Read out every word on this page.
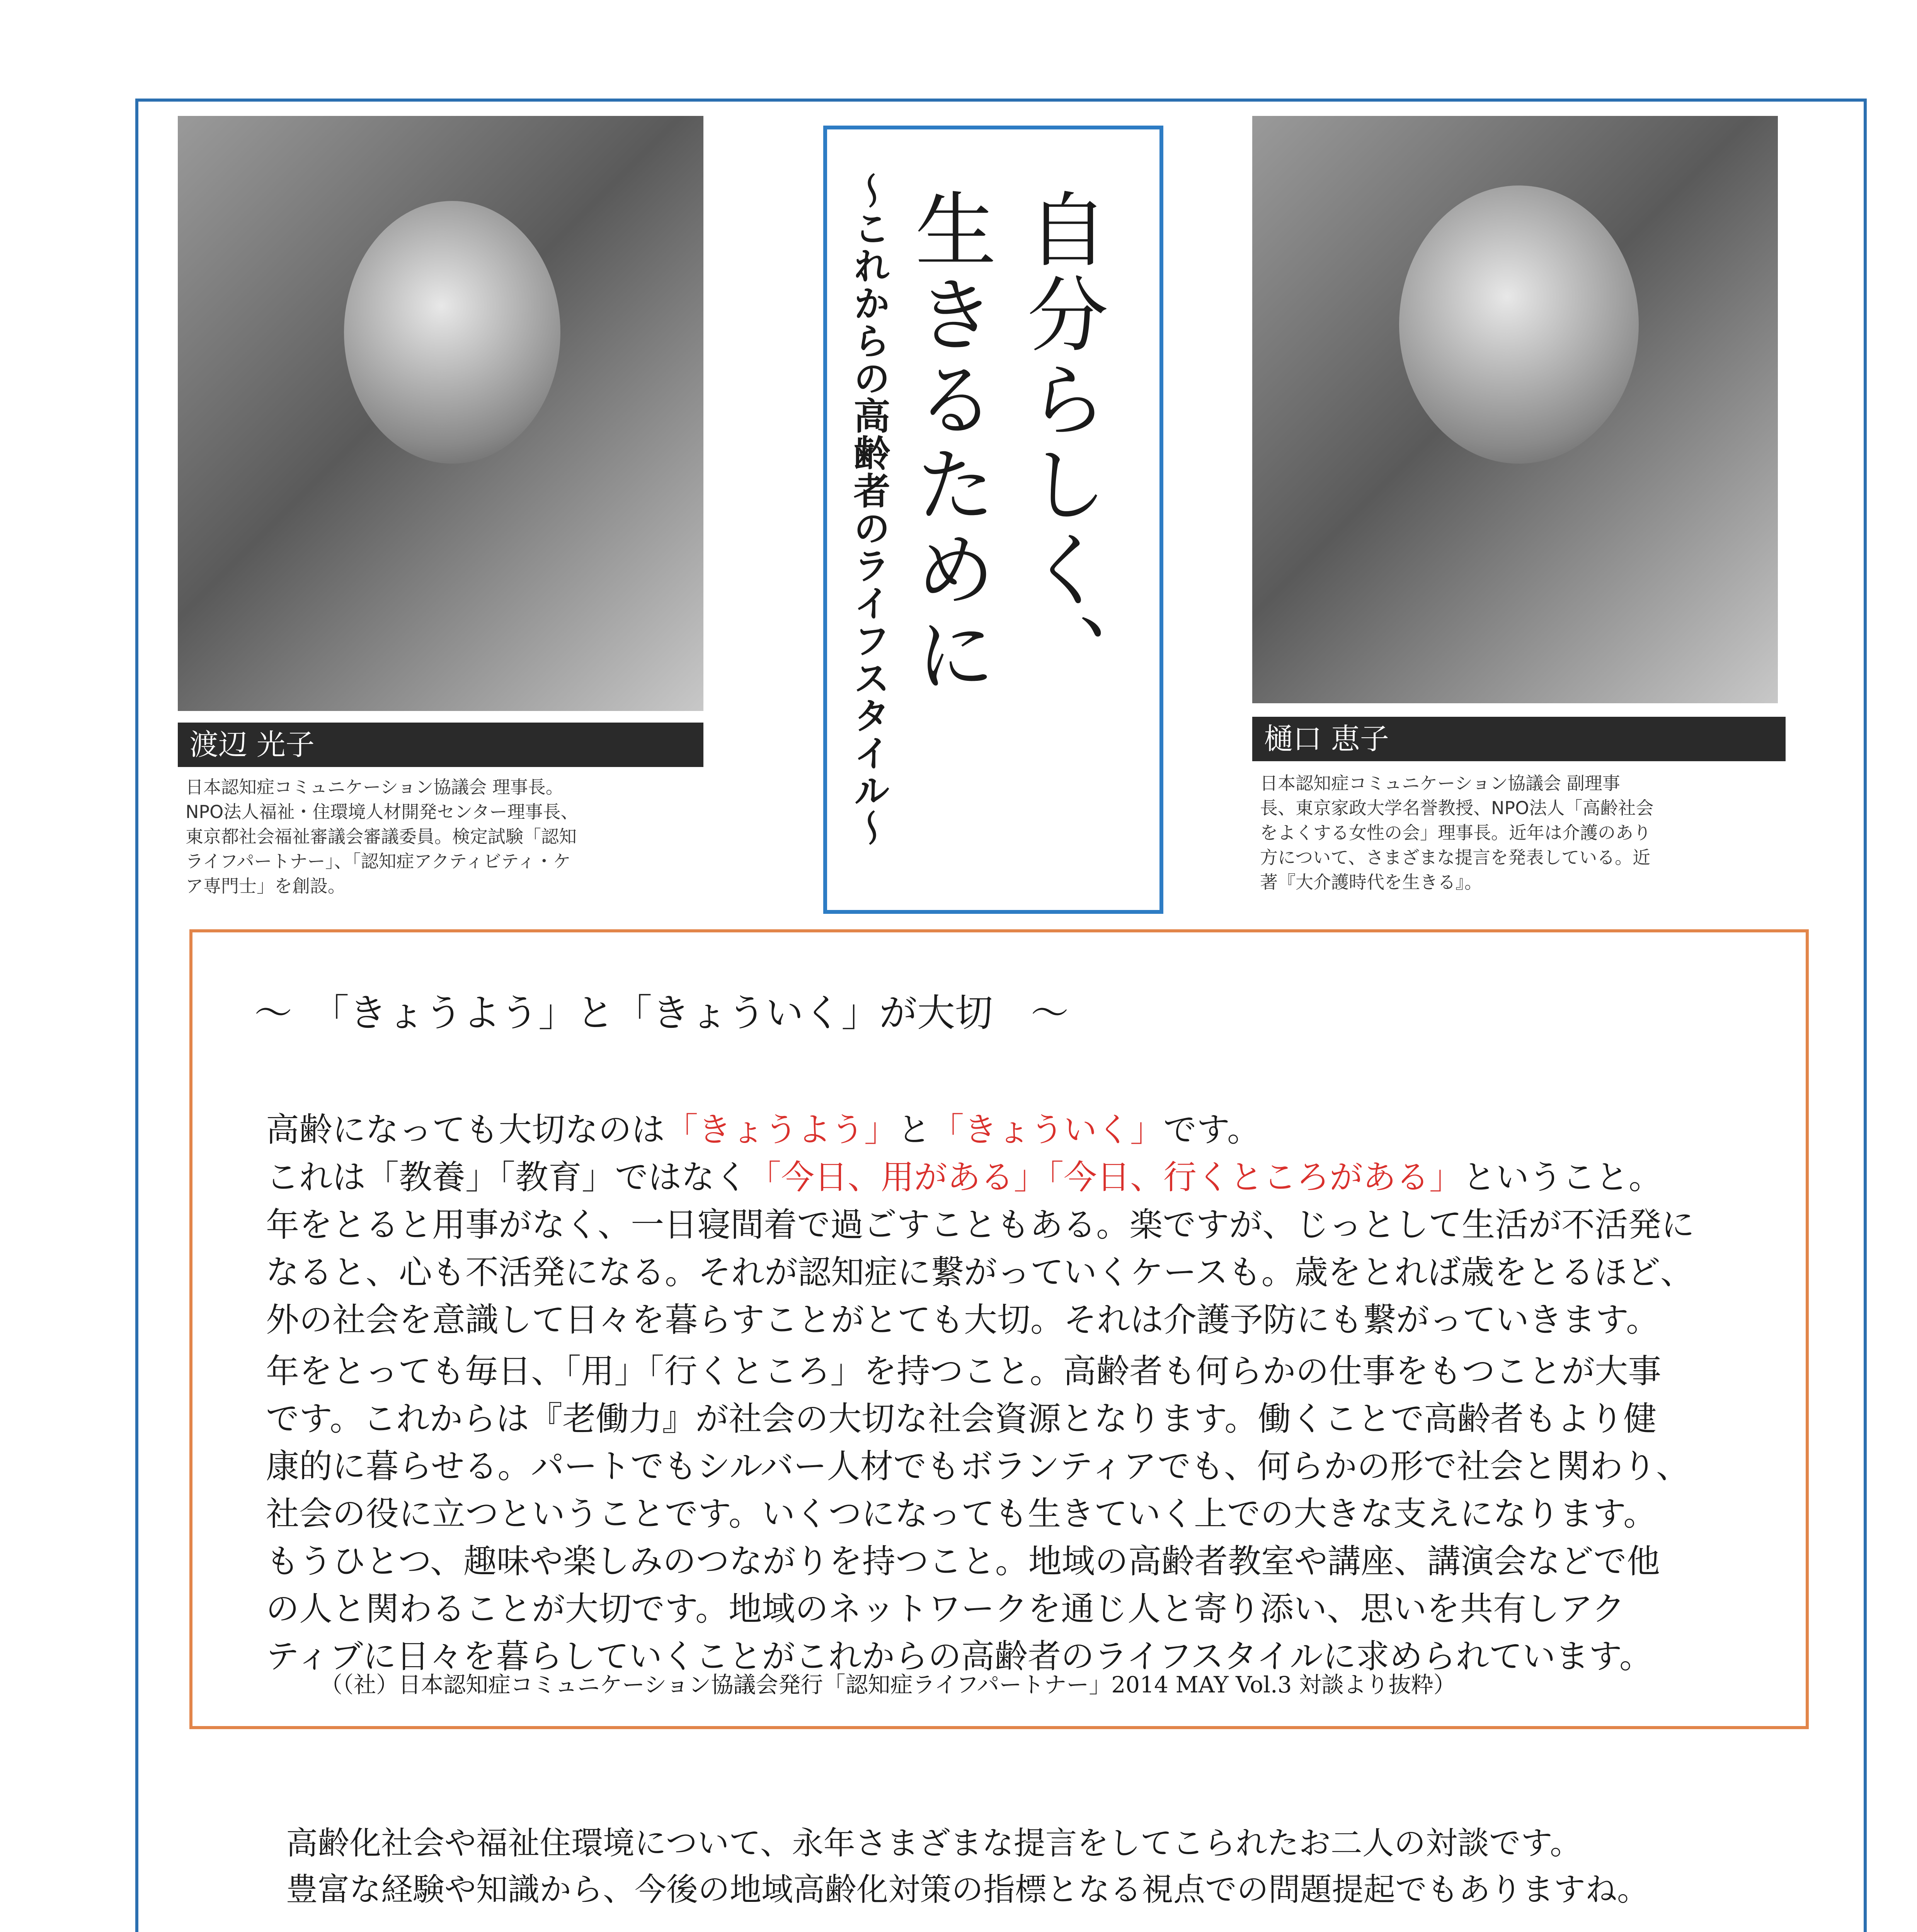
渡辺 光子
日本認知症コミュニケーション協議会 理事長。
NPO法人福祉・住環境人材開発センター理事長、
東京都社会福祉審議会審議委員。検定試験「認知
ライフパートナー」、「認知症アクティビティ・ケ
ア専門士」を創設。
自分らしく、
生きるために
〜これからの高齢者のライフスタイル〜	樋口 恵子
日本認知症コミュニケーション協議会 副理事
長、東京家政大学名誉教授、NPO法人「高齢社会
をよくする女性の会」理事長。近年は介護のあり
方について、さまざまな提言を発表している。近
著『大介護時代を生きる』。
〜　「きょうよう」と「きょういく」が大切　〜
高齢になっても大切なのは「きょうよう」と「きょういく」です。
これは「教養」「教育」ではなく「今日、用がある」「今日、行くところがある」ということ。
年をとると用事がなく、一日寝間着で過ごすこともある。楽ですが、じっとして生活が不活発に
なると、心も不活発になる。それが認知症に繋がっていくケースも。歳をとれば歳をとるほど、
外の社会を意識して日々を暮らすことがとても大切。それは介護予防にも繋がっていきます。
年をとっても毎日、「用」「行くところ」を持つこと。高齢者も何らかの仕事をもつことが大事
です。これからは『老働力』が社会の大切な社会資源となります。働くことで高齢者もより健
康的に暮らせる。パートでもシルバー人材でもボランティアでも、何らかの形で社会と関わり、
社会の役に立つということです。いくつになっても生きていく上での大きな支えになります。
もうひとつ、趣味や楽しみのつながりを持つこと。地域の高齢者教室や講座、講演会などで他
の人と関わることが大切です。地域のネットワークを通じ人と寄り添い、思いを共有しアク
ティブに日々を暮らしていくことがこれからの高齢者のライフスタイルに求められています。
（（社）日本認知症コミュニケーション協議会発行「認知症ライフパートナー」2014 MAY Vol.3 対談より抜粋）
高齢化社会や福祉住環境について、永年さまざまな提言をしてこられたお二人の対談です。
豊富な経験や知識から、今後の地域高齢化対策の指標となる視点での問題提起でもありますね。
